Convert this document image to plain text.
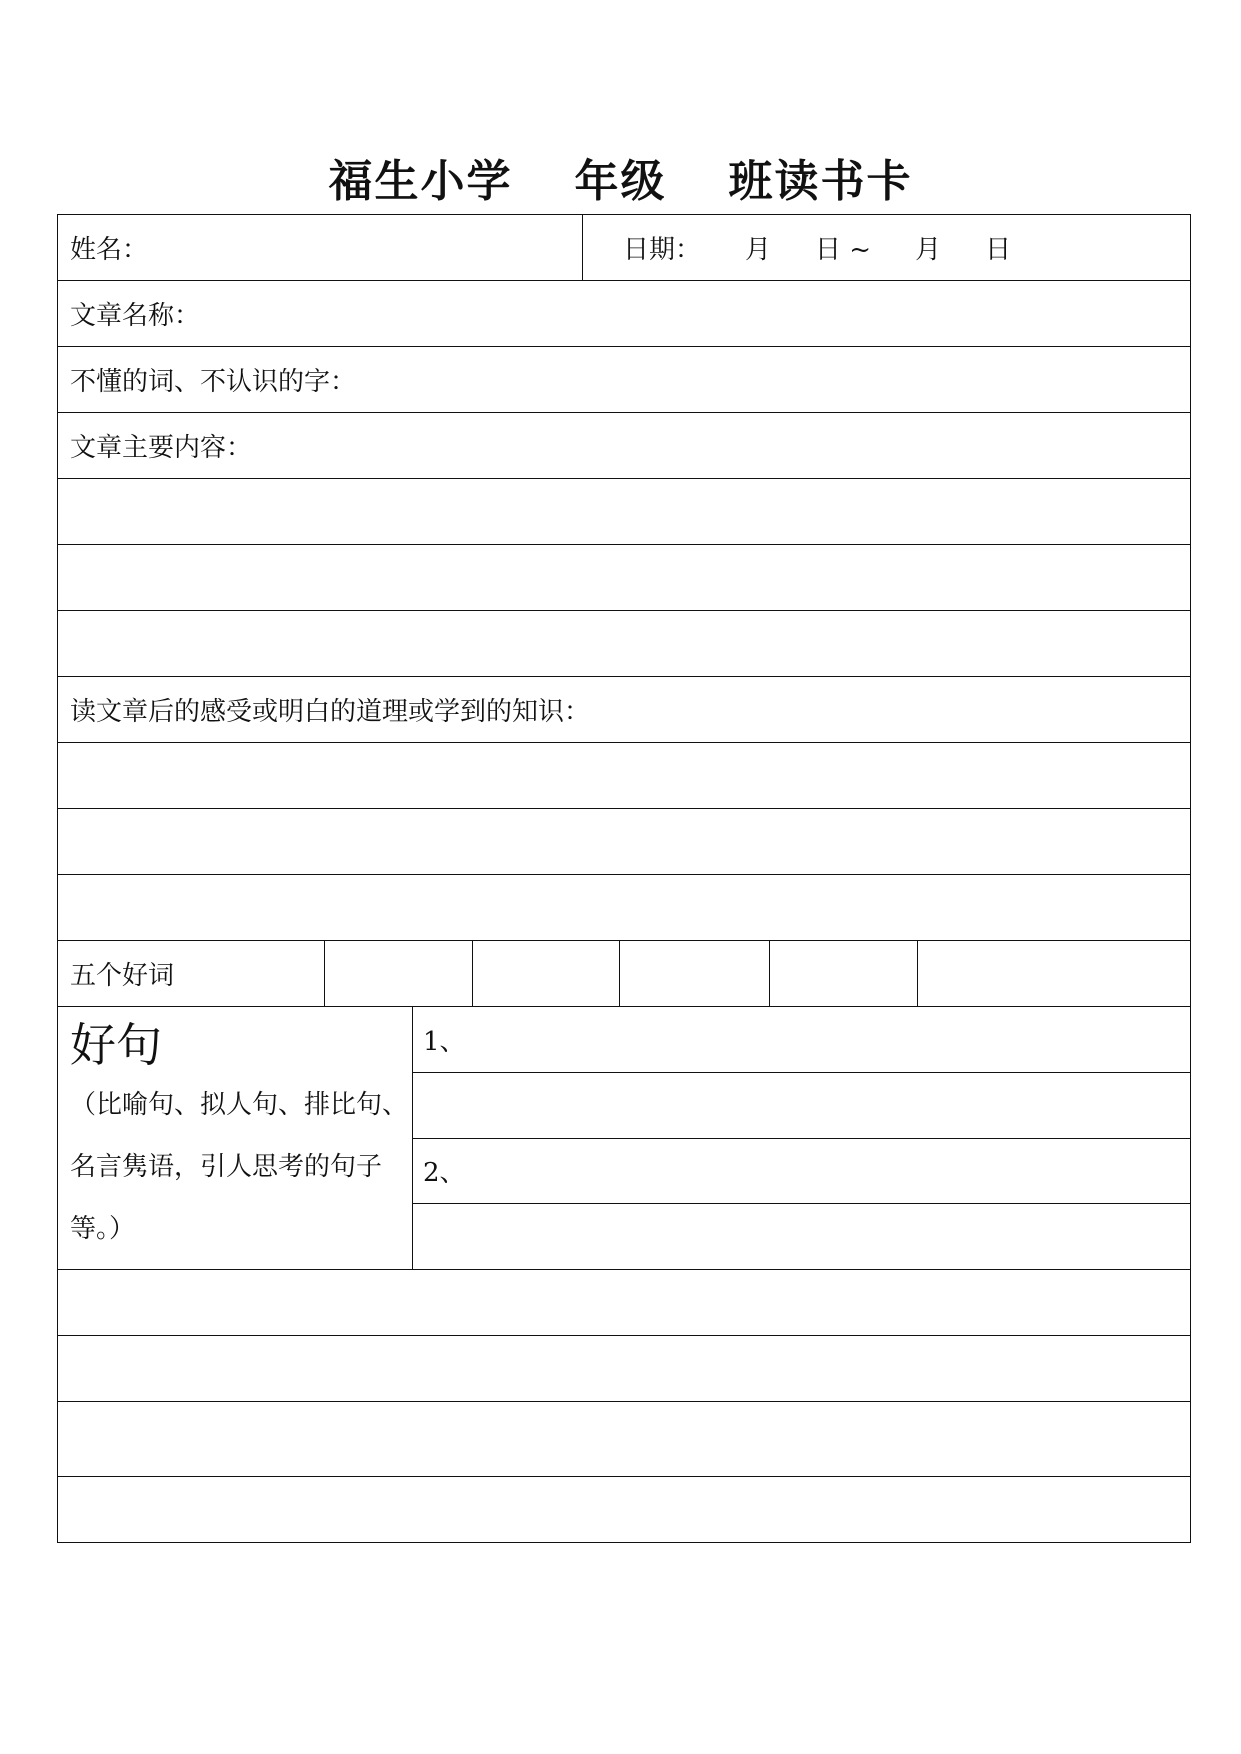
福生小学 年级 班读书卡
姓名：	日期： 月 日 ~ 月 日
文章名称：
不懂的词、不认识的字：
文章主要内容：
读文章后的感受或明白的道理或学到的知识：
五个好词
好句
（比喻句、拟人句、排比句、
名言隽语，引人思考的句子
等。）
1、
2、
